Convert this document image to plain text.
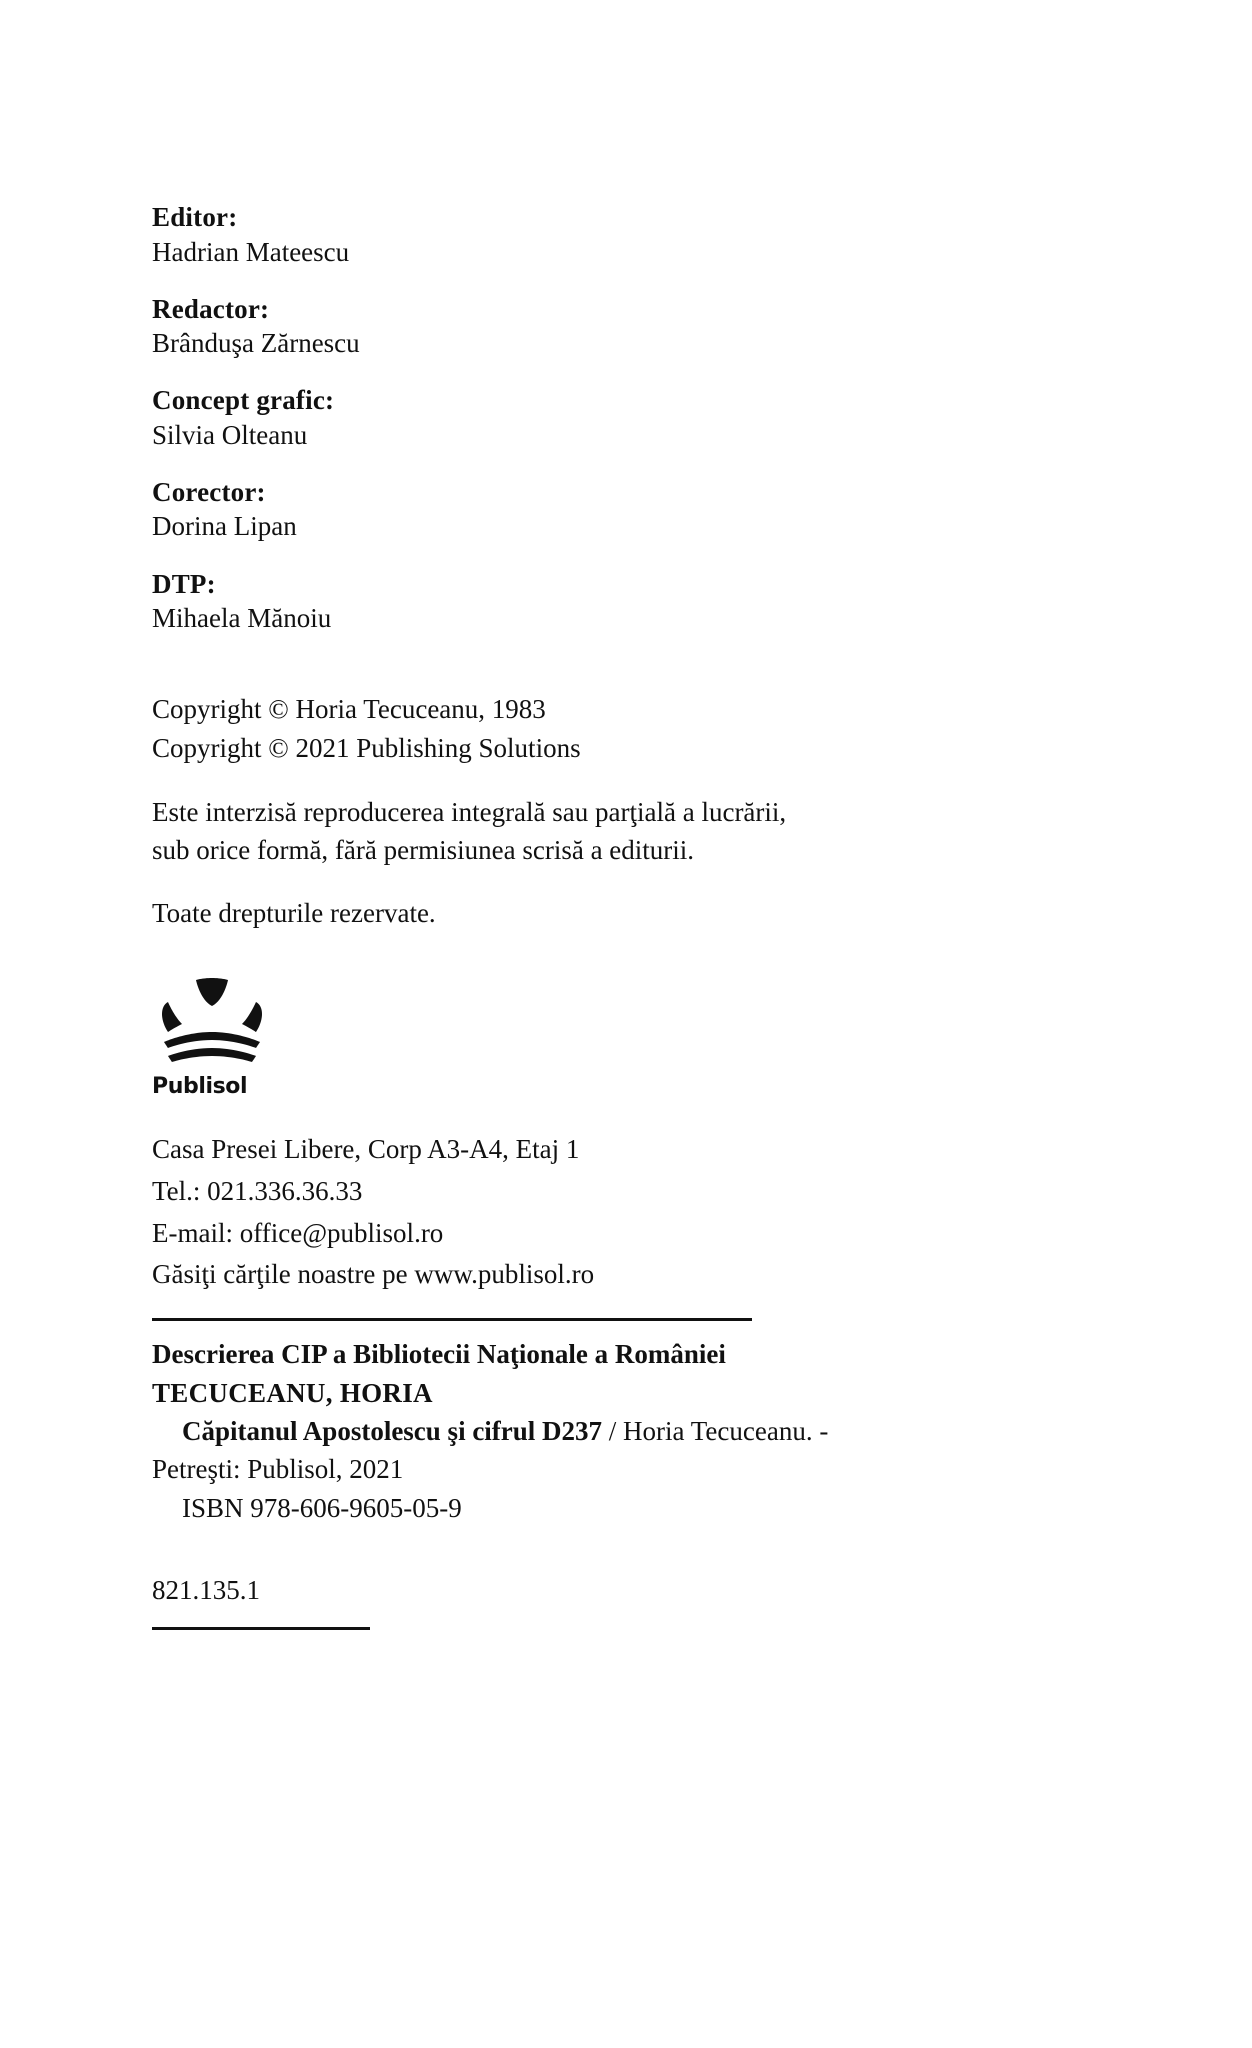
Editor:
Hadrian Mateescu
Redactor:
Brânduşa Zărnescu
Concept grafic:
Silvia Olteanu
Corector:
Dorina Lipan
DTP:
Mihaela Mănoiu
Copyright © Horia Tecuceanu, 1983
Copyright © 2021 Publishing Solutions
Este interzisă reproducerea integrală sau parţială a lucrării,
sub orice formă, fără permisiunea scrisă a editurii.
Toate drepturile rezervate.
Publisol
Casa Presei Libere, Corp A3-A4, Etaj 1
Tel.: 021.336.36.33
E-mail: office@publisol.ro
Găsiţi cărţile noastre pe www.publisol.ro
Descrierea CIP a Bibliotecii Naţionale a României
TECUCEANU, HORIA
Căpitanul Apostolescu şi cifrul D237 / Horia Tecuceanu. -
Petreşti: Publisol, 2021
ISBN 978-606-9605-05-9
821.135.1
